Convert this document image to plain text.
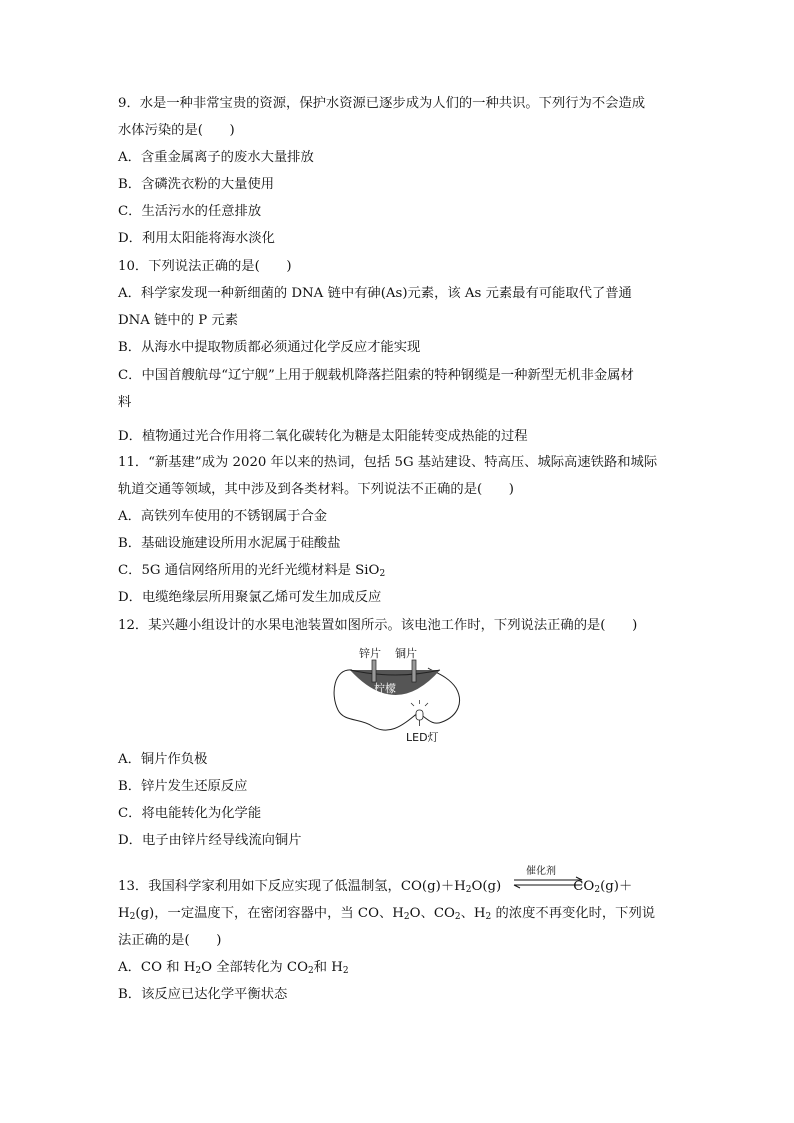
9．水是一种非常宝贵的资源，保护水资源已逐步成为人们的一种共识。下列行为不会造成
水体污染的是(　　)
A．含重金属离子的废水大量排放
B．含磷洗衣粉的大量使用
C．生活污水的任意排放
D．利用太阳能将海水淡化
10．下列说法正确的是(　　)
A．科学家发现一种新细菌的 DNA 链中有砷(As)元素，该 As 元素最有可能取代了普通
DNA 链中的 P 元素
B．从海水中提取物质都必须通过化学反应才能实现
C．中国首艘航母“辽宁舰”上用于舰载机降落拦阻索的特种钢缆是一种新型无机非金属材
料
D．植物通过光合作用将二氧化碳转化为糖是太阳能转变成热能的过程
11．“新基建”成为 2020 年以来的热词，包括 5G 基站建设、特高压、城际高速铁路和城际
轨道交通等领域，其中涉及到各类材料。下列说法不正确的是(　　)
A．高铁列车使用的不锈钢属于合金
B．基础设施建设所用水泥属于硅酸盐
C．5G 通信网络所用的光纤光缆材料是 SiO$_2$
D．电缆绝缘层所用聚氯乙烯可发生加成反应
12．某兴趣小组设计的水果电池装置如图所示。该电池工作时，下列说法正确的是(　　)
锌片 铜片
柠檬
LED灯
A．铜片作负极
B．锌片发生还原反应
C．将电能转化为化学能
D．电子由锌片经导线流向铜片
13．我国科学家利用如下反应实现了低温制氢，$CO(g)+H_2O(g)$	$CO_2(g)+$
催化剂
$H_2(g)$，一定温度下，在密闭容器中，当 CO、$H_2O$、$CO_2$、$H_2$ 的浓度不再变化时，下列说
法正确的是(　　)
A．CO 和 $H_2O$ 全部转化为 $CO_2$和 $H_2$
B．该反应已达化学平衡状态
